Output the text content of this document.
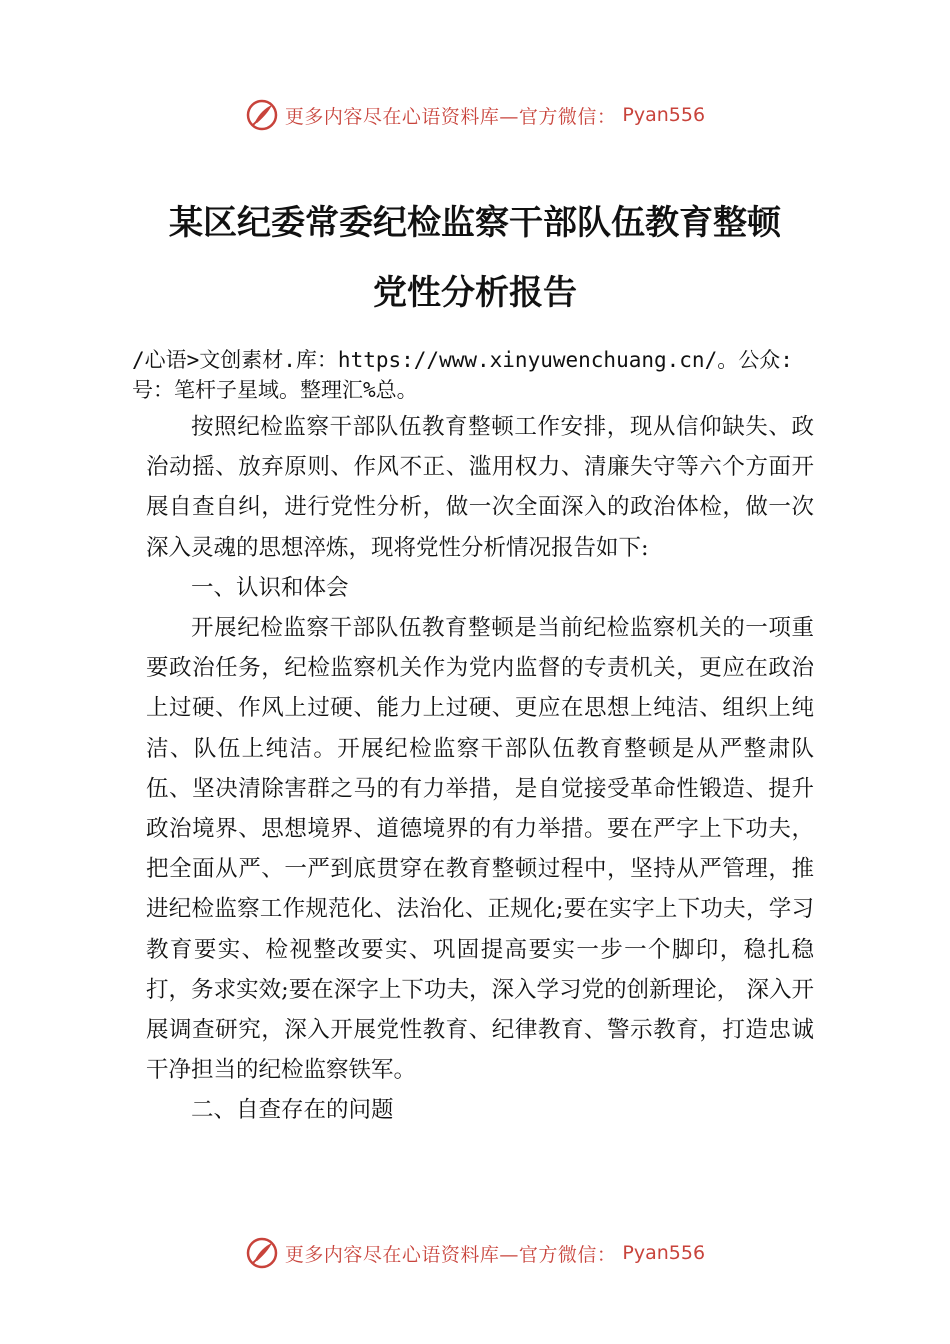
更多内容尽在心语资料库—官方微信： Pyan556
某区纪委常委纪检监察干部队伍教育整顿
党性分析报告
/心语>文创素材.库：https://www.xinyuwenchuang.cn/。公众:
号：笔杆子星域。整理汇%总。

按照纪检监察干部队伍教育整顿工作安排，现从信仰缺失、政治动摇、放弃原则、作风不正、滥用权力、清廉失守等六个方面开展自查自纠，进行党性分析，做一次全面深入的政治体检，做一次深入灵魂的思想淬炼，现将党性分析情况报告如下:

一、认识和体会

开展纪检监察干部队伍教育整顿是当前纪检监察机关的一项重要政治任务，纪检监察机关作为党内监督的专责机关，更应在政治上过硬、作风上过硬、能力上过硬、更应在思想上纯洁、组织上纯洁、队伍上纯洁。开展纪检监察干部队伍教育整顿是从严整肃队伍、坚决清除害群之马的有力举措，是自觉接受革命性锻造、提升政治境界、思想境界、道德境界的有力举措。要在严字上下功夫，把全面从严、一严到底贯穿在教育整顿过程中，坚持从严管理，推进纪检监察工作规范化、法治化、正规化;要在实字上下功夫，学习教育要实、检视整改要实、巩固提高要实一步一个脚印，稳扎稳打，务求实效;要在深字上下功夫，深入学习党的创新理论， 深入开展调查研究，深入开展党性教育、纪律教育、警示教育，打造忠诚干净担当的纪检监察铁军。

二、自查存在的问题

更多内容尽在心语资料库—官方微信： Pyan556
